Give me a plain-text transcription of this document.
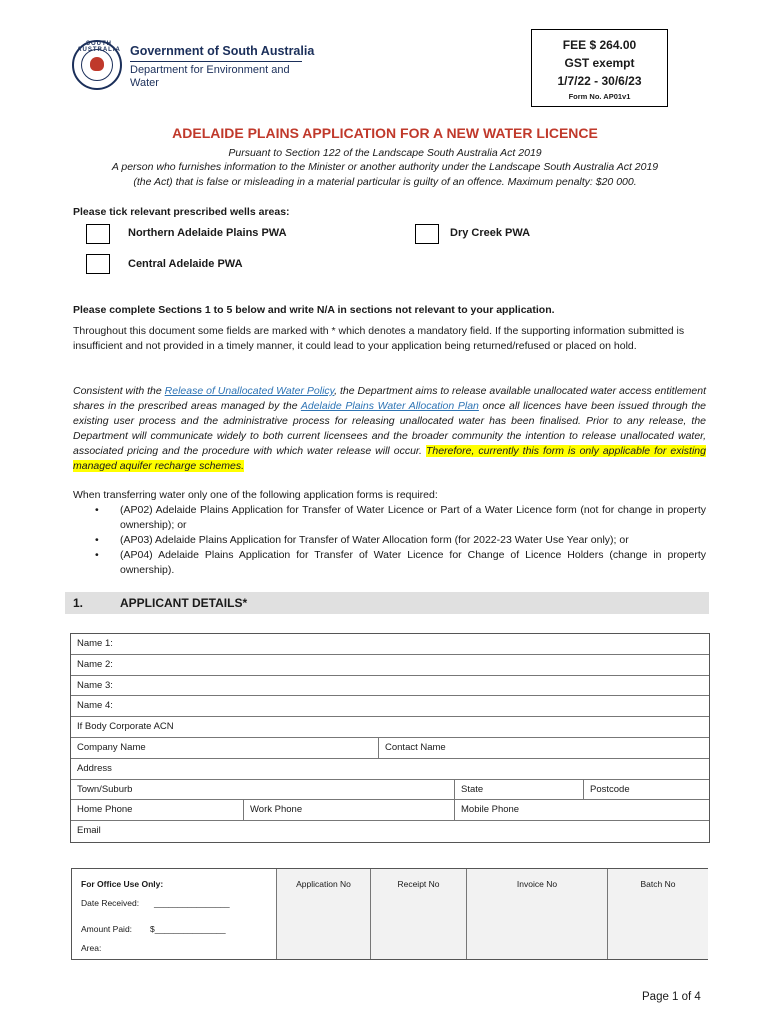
SOUTH AUSTRALIA Government of South Australia
Department for Environment and Water
FEE $ 264.00
GST exempt
1/7/22 - 30/6/23
Form No. AP01v1
ADELAIDE PLAINS APPLICATION FOR A NEW WATER LICENCE
Pursuant to Section 122 of the Landscape South Australia Act 2019
A person who furnishes information to the Minister or another authority under the Landscape South Australia Act 2019
(the Act) that is false or misleading in a material particular is guilty of an offence. Maximum penalty: $20 000.
Please tick relevant prescribed wells areas:
Northern Adelaide Plains PWA	Dry Creek PWA
Central Adelaide PWA
Please complete Sections 1 to 5 below and write N/A in sections not relevant to your application.
Throughout this document some fields are marked with * which denotes a mandatory field. If the supporting information submitted is insufficient and not provided in a timely manner, it could lead to your application being returned/refused or placed on hold.
Consistent with the Release of Unallocated Water Policy, the Department aims to release available unallocated water access entitlement shares in the prescribed areas managed by the Adelaide Plains Water Allocation Plan once all licences have been issued through the existing user process and the administrative process for releasing unallocated water has been finalised. Prior to any release, the Department will communicate widely to both current licensees and the broader community the intention to release unallocated water, associated pricing and the procedure with which water release will occur. Therefore, currently this form is only applicable for existing managed aquifer recharge schemes.
When transferring water only one of the following application forms is required:
• (AP02) Adelaide Plains Application for Transfer of Water Licence or Part of a Water Licence form (not for change in property ownership); or
• (AP03) Adelaide Plains Application for Transfer of Water Allocation form (for 2022-23 Water Use Year only); or
• (AP04) Adelaide Plains Application for Transfer of Water Licence for Change of Licence Holders (change in property ownership).
1.	APPLICANT DETAILS*
Name 1:
Name 2:
Name 3:
Name 4:
If Body Corporate ACN
Company Name	Contact Name
Address
Town/Suburb	State	Postcode
Home Phone	Work Phone	Mobile Phone
Email
For Office Use Only:
Date Received: ________________
Amount Paid: $_______________
Area:
Application No	Receipt No	Invoice No	Batch No
Page 1 of 4
